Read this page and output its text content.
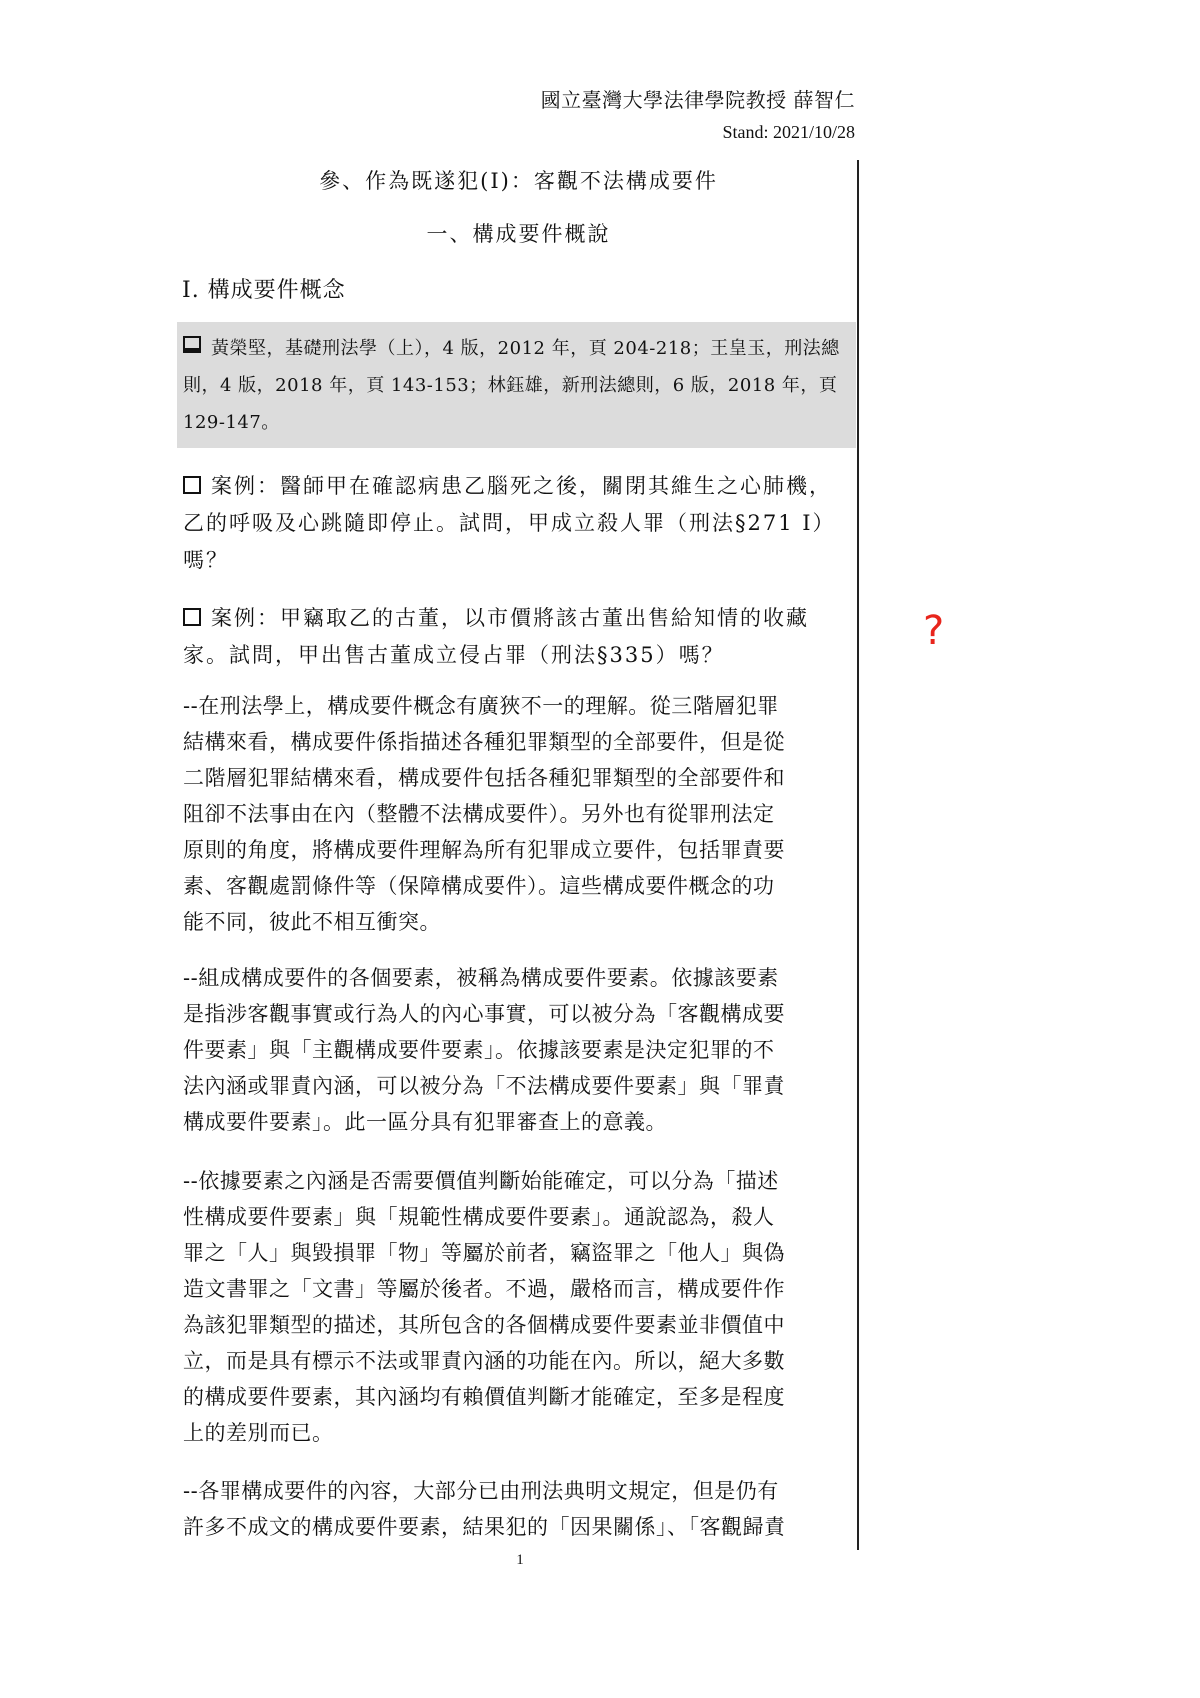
國立臺灣大學法律學院教授 薛智仁
Stand: 2021/10/28
參、作為既遂犯(I)：客觀不法構成要件
一、構成要件概說
I. 構成要件概念
黃榮堅，基礎刑法學（上），4 版，2012 年，頁 204-218；王皇玉，刑法總
則，4 版，2018 年，頁 143-153；林鈺雄，新刑法總則，6 版，2018 年，頁
129-147。
案例：醫師甲在確認病患乙腦死之後，關閉其維生之心肺機，
乙的呼吸及心跳隨即停止。試問，甲成立殺人罪（刑法§271 I）
嗎？
案例：甲竊取乙的古董，以市價將該古董出售給知情的收藏
家。試問，甲出售古董成立侵占罪（刑法§335）嗎？
?
--在刑法學上，構成要件概念有廣狹不一的理解。從三階層犯罪
結構來看，構成要件係指描述各種犯罪類型的全部要件，但是從
二階層犯罪結構來看，構成要件包括各種犯罪類型的全部要件和
阻卻不法事由在內（整體不法構成要件）。另外也有從罪刑法定
原則的角度，將構成要件理解為所有犯罪成立要件，包括罪責要
素、客觀處罰條件等（保障構成要件）。這些構成要件概念的功
能不同，彼此不相互衝突。
--組成構成要件的各個要素，被稱為構成要件要素。依據該要素
是指涉客觀事實或行為人的內心事實，可以被分為「客觀構成要
件要素」與「主觀構成要件要素」。依據該要素是決定犯罪的不
法內涵或罪責內涵，可以被分為「不法構成要件要素」與「罪責
構成要件要素」。此一區分具有犯罪審查上的意義。
--依據要素之內涵是否需要價值判斷始能確定，可以分為「描述
性構成要件要素」與「規範性構成要件要素」。通說認為，殺人
罪之「人」與毀損罪「物」等屬於前者，竊盜罪之「他人」與偽
造文書罪之「文書」等屬於後者。不過，嚴格而言，構成要件作
為該犯罪類型的描述，其所包含的各個構成要件要素並非價值中
立，而是具有標示不法或罪責內涵的功能在內。所以，絕大多數
的構成要件要素，其內涵均有賴價值判斷才能確定，至多是程度
上的差別而已。
--各罪構成要件的內容，大部分已由刑法典明文規定，但是仍有
許多不成文的構成要件要素，結果犯的「因果關係」、「客觀歸責
1
